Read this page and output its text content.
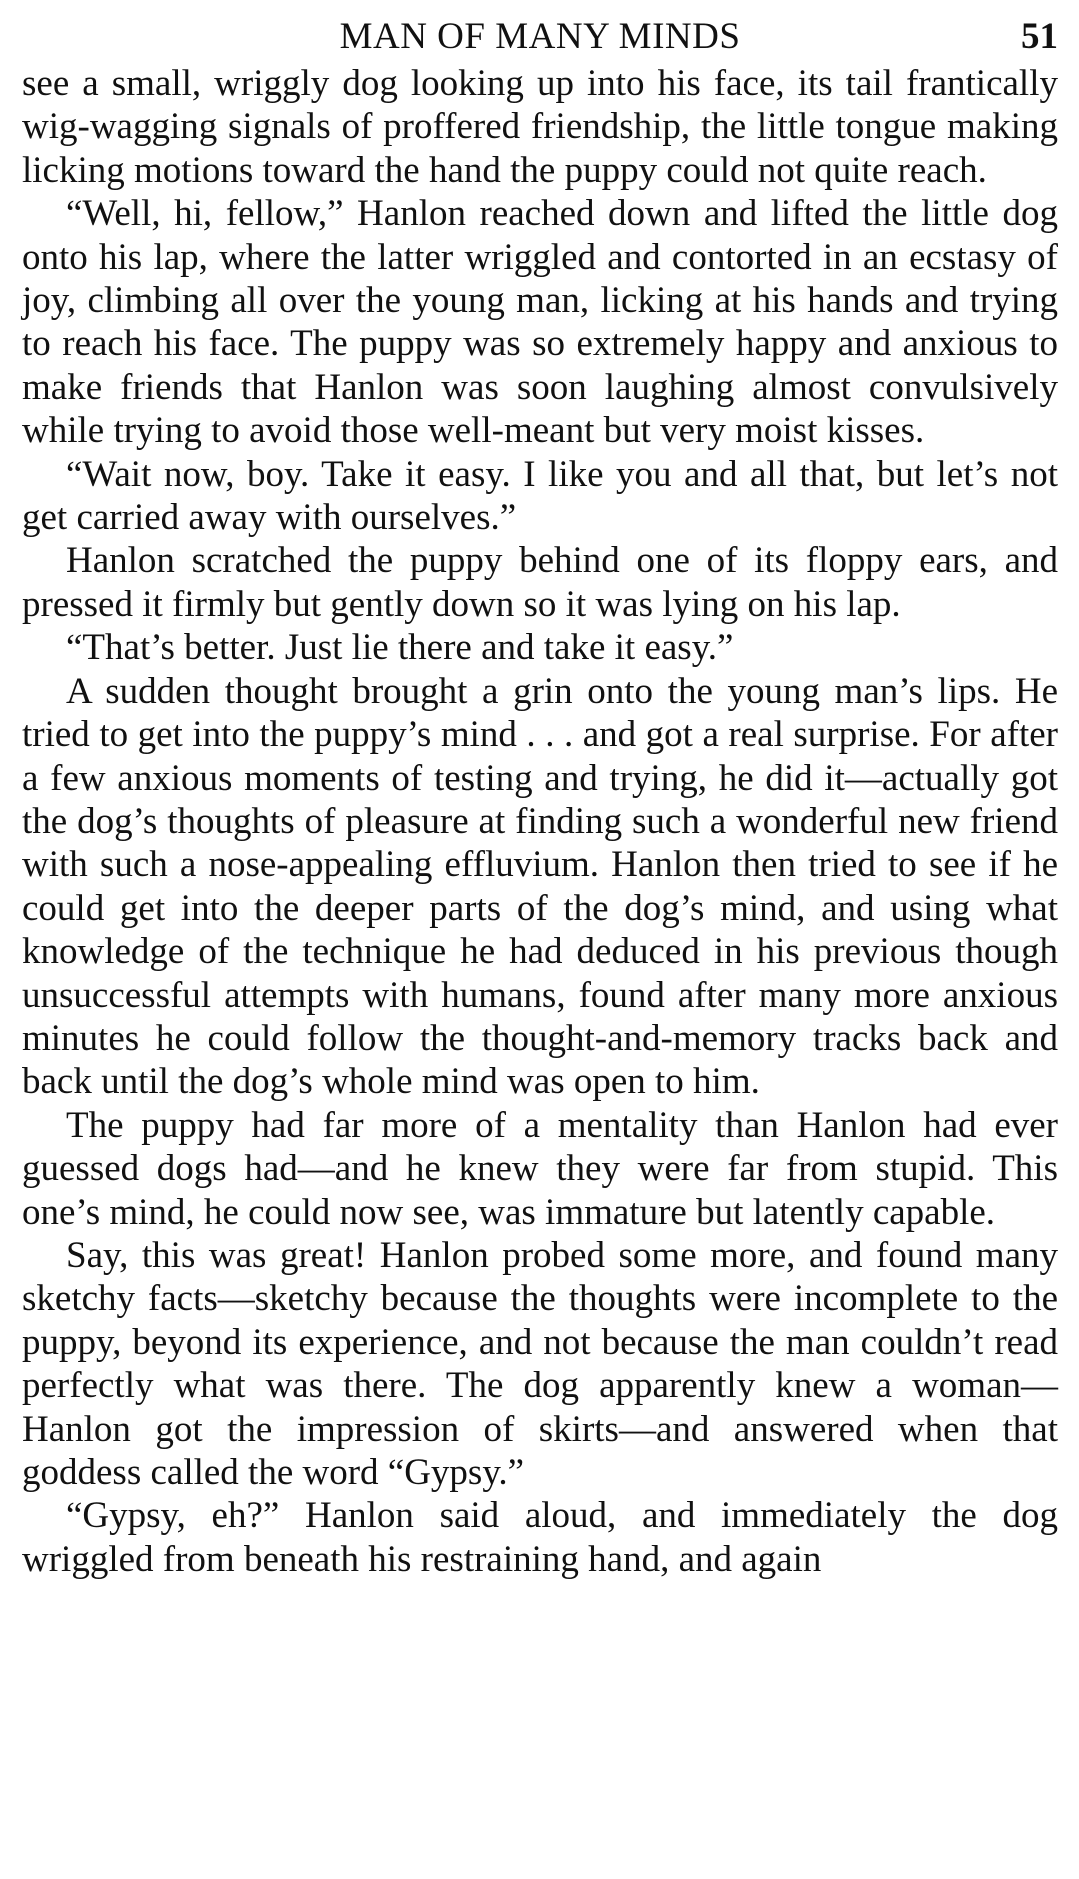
MAN OF MANY MINDS	51

see a small, wriggly dog looking up into his face, its tail frantically wig-wagging signals of proffered friendship, the little tongue making licking motions toward the hand the puppy could not quite reach.

“Well, hi, fellow,” Hanlon reached down and lifted the little dog onto his lap, where the latter wriggled and contorted in an ecstasy of joy, climbing all over the young man, licking at his hands and trying to reach his face. The puppy was so extremely happy and anxious to make friends that Hanlon was soon laughing almost convulsively while trying to avoid those well-meant but very moist kisses.

“Wait now, boy. Take it easy. I like you and all that, but let’s not get carried away with ourselves.”

Hanlon scratched the puppy behind one of its floppy ears, and pressed it firmly but gently down so it was lying on his lap.

“That’s better. Just lie there and take it easy.”

A sudden thought brought a grin onto the young man’s lips. He tried to get into the puppy’s mind . . . and got a real surprise. For after a few anxious moments of testing and trying, he did it—actually got the dog’s thoughts of pleasure at finding such a wonderful new friend with such a nose-appealing effluvium. Hanlon then tried to see if he could get into the deeper parts of the dog’s mind, and using what knowledge of the technique he had deduced in his previous though unsuccessful attempts with humans, found after many more anxious minutes he could follow the thought-and-memory tracks back and back until the dog’s whole mind was open to him.

The puppy had far more of a mentality than Hanlon had ever guessed dogs had—and he knew they were far from stupid. This one’s mind, he could now see, was immature but latently capable.

Say, this was great! Hanlon probed some more, and found many sketchy facts—sketchy because the thoughts were incomplete to the puppy, beyond its experience, and not because the man couldn’t read perfectly what was there. The dog apparently knew a woman—Hanlon got the impression of skirts—and answered when that goddess called the word “Gypsy.”

“Gypsy, eh?” Hanlon said aloud, and immediately the dog wriggled from beneath his restraining hand, and again
